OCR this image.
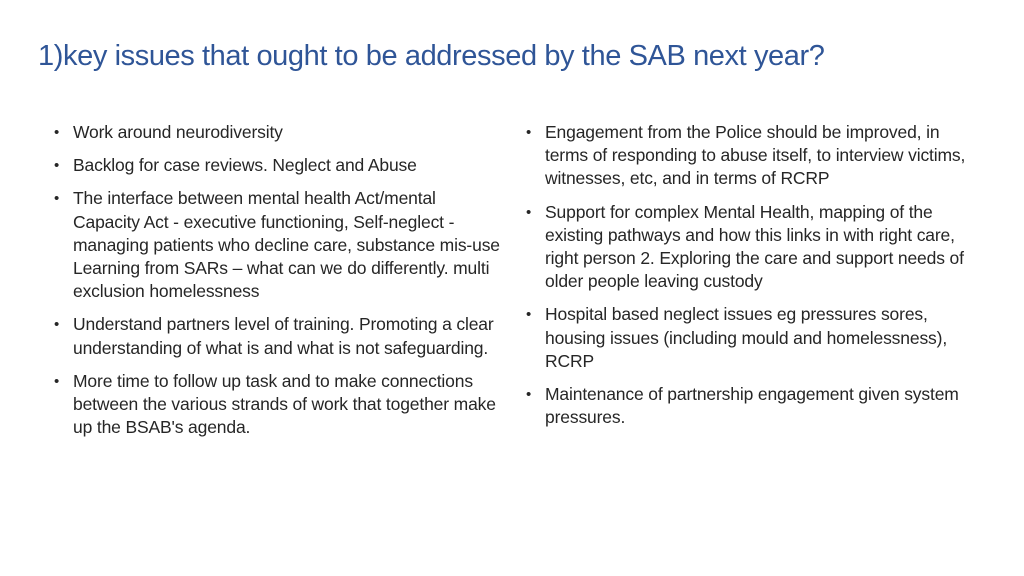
1)key issues that ought to be addressed by the SAB next year?
• Work around neurodiversity
• Backlog for case reviews. Neglect and Abuse
• The interface between mental health Act/mental Capacity Act - executive functioning, Self-neglect - managing patients who decline care, substance mis-use Learning from SARs – what can we do differently. multi exclusion homelessness
• Understand partners level of training. Promoting a clear understanding of what is and what is not safeguarding.
• More time to follow up task and to make connections between the various strands of work that together make up the BSAB's agenda.
• Engagement from the Police should be improved, in terms of responding to abuse itself, to interview victims, witnesses, etc, and in terms of RCRP
• Support for complex Mental Health, mapping of the existing pathways and how this links in with right care, right person 2. Exploring the care and support needs of older people leaving custody
• Hospital based neglect issues eg pressures sores, housing issues (including mould and homelessness), RCRP
• Maintenance of partnership engagement given system pressures.
